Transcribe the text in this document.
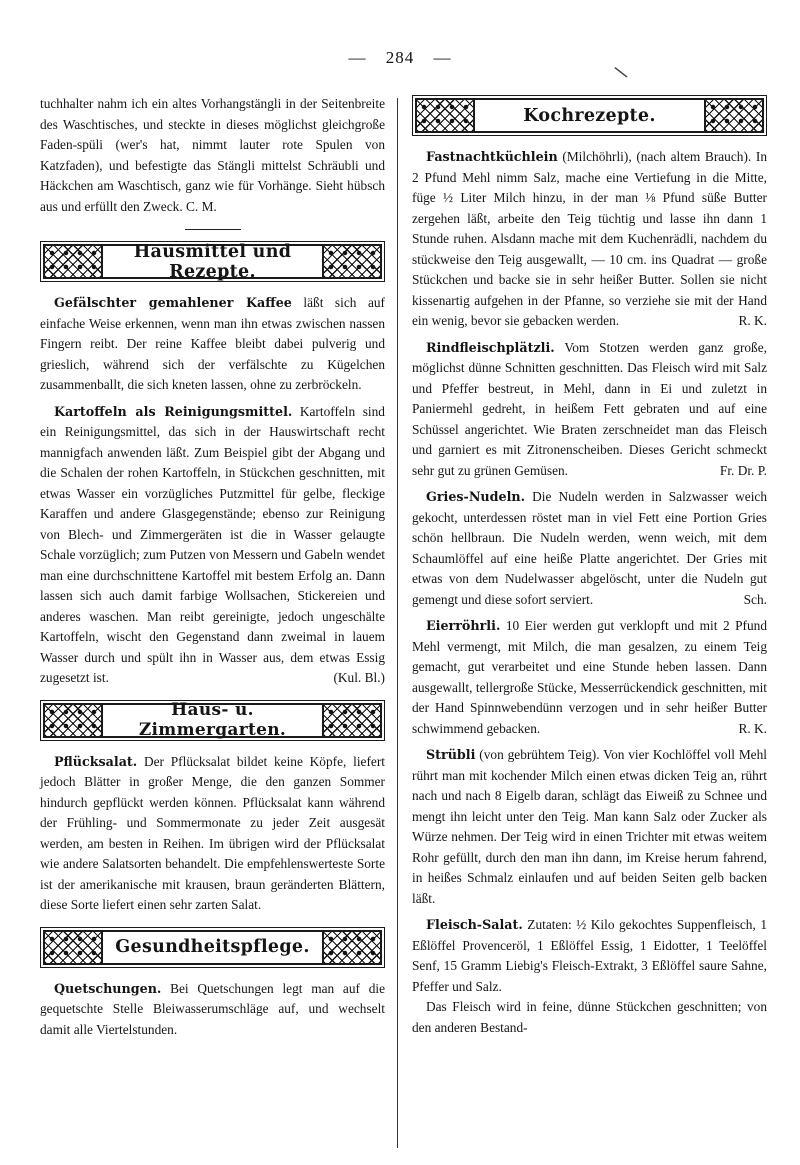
— 284 —
\

tuchhalter nahm ich ein altes Vorhangstängli in der Seitenbreite des Waschtisches, und steckte in dieses möglichst gleichgroße Faden-spüli (wer's hat, nimmt lauter rote Spulen von Katzfaden), und befestigte das Stängli mittelst Schräubli und Häckchen am Waschtisch, ganz wie für Vorhänge. Sieht hübsch aus und erfüllt den Zweck. C. M.

Hausmittel und Rezepte.

Gefälschter gemahlener Kaffee läßt sich auf einfache Weise erkennen, wenn man ihn etwas zwischen nassen Fingern reibt. Der reine Kaffee bleibt dabei pulverig und grieslich, während sich der verfälschte zu Kügelchen zusammenballt, die sich kneten lassen, ohne zu zerbröckeln.

Kartoffeln als Reinigungsmittel. Kartoffeln sind ein Reinigungsmittel, das sich in der Hauswirtschaft recht mannigfach anwenden läßt. Zum Beispiel gibt der Abgang und die Schalen der rohen Kartoffeln, in Stückchen geschnitten, mit etwas Wasser ein vorzügliches Putzmittel für gelbe, fleckige Karaffen und andere Glasgegenstände; ebenso zur Reinigung von Blech- und Zimmergeräten ist die in Wasser gelaugte Schale vorzüglich; zum Putzen von Messern und Gabeln wendet man eine durchschnittene Kartoffel mit bestem Erfolg an. Dann lassen sich auch damit farbige Wollsachen, Stickereien und anderes waschen. Man reibt gereinigte, jedoch ungeschälte Kartoffeln, wischt den Gegenstand dann zweimal in lauem Wasser durch und spült ihn in Wasser aus, dem etwas Essig zugesetzt ist.	(Kul. Bl.)

Haus- u. Zimmergarten.

Pflücksalat. Der Pflücksalat bildet keine Köpfe, liefert jedoch Blätter in großer Menge, die den ganzen Sommer hindurch gepflückt werden können. Pflücksalat kann während der Frühling- und Sommermonate zu jeder Zeit ausgesät werden, am besten in Reihen. Im übrigen wird der Pflücksalat wie andere Salatsorten behandelt. Die empfehlenswerteste Sorte ist der amerikanische mit krausen, braun geränderten Blättern, diese Sorte liefert einen sehr zarten Salat.

Gesundheitspflege.

Quetschungen. Bei Quetschungen legt man auf die gequetschte Stelle Bleiwasserumschläge auf, und wechselt damit alle Viertelstunden.

Kochrezepte.

Fastnachtküchlein (Milchöhrli), (nach altem Brauch). In 2 Pfund Mehl nimm Salz, mache eine Vertiefung in die Mitte, füge ½ Liter Milch hinzu, in der man ⅛ Pfund süße Butter zergehen läßt, arbeite den Teig tüchtig und lasse ihn dann 1 Stunde ruhen. Alsdann mache mit dem Kuchenrädli, nachdem du stückweise den Teig ausgewallt, — 10 cm. ins Quadrat — große Stückchen und backe sie in sehr heißer Butter. Sollen sie nicht kissenartig aufgehen in der Pfanne, so verziehe sie mit der Hand ein wenig, bevor sie gebacken werden.	R. K.

Rindfleischplätzli. Vom Stotzen werden ganz große, möglichst dünne Schnitten geschnitten. Das Fleisch wird mit Salz und Pfeffer bestreut, in Mehl, dann in Ei und zuletzt in Paniermehl gedreht, in heißem Fett gebraten und auf eine Schüssel angerichtet. Wie Braten zerschneidet man das Fleisch und garniert es mit Zitronenscheiben. Dieses Gericht schmeckt sehr gut zu grünen Gemüsen.	Fr. Dr. P.

Gries-Nudeln. Die Nudeln werden in Salzwasser weich gekocht, unterdessen röstet man in viel Fett eine Portion Gries schön hellbraun. Die Nudeln werden, wenn weich, mit dem Schaumlöffel auf eine heiße Platte angerichtet. Der Gries mit etwas von dem Nudelwasser abgelöscht, unter die Nudeln gut gemengt und diese sofort serviert.	Sch.

Eierröhrli. 10 Eier werden gut verklopft und mit 2 Pfund Mehl vermengt, mit Milch, die man gesalzen, zu einem Teig gemacht, gut verarbeitet und eine Stunde heben lassen. Dann ausgewallt, tellergroße Stücke, Messerrückendick geschnitten, mit der Hand Spinnwebendünn verzogen und in sehr heißer Butter schwimmend gebacken.	R. K.

Strübli (von gebrühtem Teig). Von vier Kochlöffel voll Mehl rührt man mit kochender Milch einen etwas dicken Teig an, rührt nach und nach 8 Eigelb daran, schlägt das Eiweiß zu Schnee und mengt ihn leicht unter den Teig. Man kann Salz oder Zucker als Würze nehmen. Der Teig wird in einen Trichter mit etwas weitem Rohr gefüllt, durch den man ihn dann, im Kreise herum fahrend, in heißes Schmalz einlaufen und auf beiden Seiten gelb backen läßt.

Fleisch-Salat. Zutaten: ½ Kilo gekochtes Suppenfleisch, 1 Eßlöffel Provenceröl, 1 Eßlöffel Essig, 1 Eidotter, 1 Teelöffel Senf, 15 Gramm Liebig's Fleisch-Extrakt, 3 Eßlöffel saure Sahne, Pfeffer und Salz.

Das Fleisch wird in feine, dünne Stückchen geschnitten; von den anderen Bestand-
